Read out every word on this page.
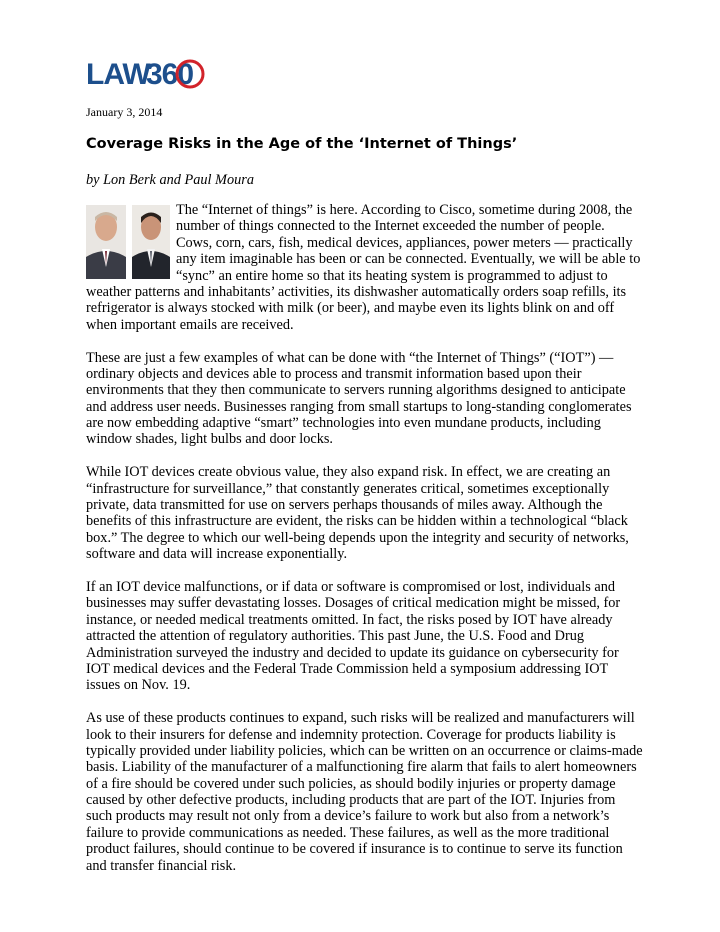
LAW
360
January 3, 2014
Coverage Risks in the Age of the ‘Internet of Things’
by Lon Berk and Paul Moura
The “Internet of things” is here. According to Cisco, sometime during 2008, the
number of things connected to the Internet exceeded the number of people.
Cows, corn, cars, fish, medical devices, appliances, power meters — practically
any item imaginable has been or can be connected. Eventually, we will be able to
“sync” an entire home so that its heating system is programmed to adjust to
weather patterns and inhabitants’ activities, its dishwasher automatically orders soap refills, its
refrigerator is always stocked with milk (or beer), and maybe even its lights blink on and off
when important emails are received.
These are just a few examples of what can be done with “the Internet of Things” (“IOT”) —
ordinary objects and devices able to process and transmit information based upon their
environments that they then communicate to servers running algorithms designed to anticipate
and address user needs. Businesses ranging from small startups to long-standing conglomerates
are now embedding adaptive “smart” technologies into even mundane products, including
window shades, light bulbs and door locks.
While IOT devices create obvious value, they also expand risk. In effect, we are creating an
“infrastructure for surveillance,” that constantly generates critical, sometimes exceptionally
private, data transmitted for use on servers perhaps thousands of miles away. Although the
benefits of this infrastructure are evident, the risks can be hidden within a technological “black
box.” The degree to which our well-being depends upon the integrity and security of networks,
software and data will increase exponentially.
If an IOT device malfunctions, or if data or software is compromised or lost, individuals and
businesses may suffer devastating losses. Dosages of critical medication might be missed, for
instance, or needed medical treatments omitted. In fact, the risks posed by IOT have already
attracted the attention of regulatory authorities. This past June, the U.S. Food and Drug
Administration surveyed the industry and decided to update its guidance on cybersecurity for
IOT medical devices and the Federal Trade Commission held a symposium addressing IOT
issues on Nov. 19.
As use of these products continues to expand, such risks will be realized and manufacturers will
look to their insurers for defense and indemnity protection. Coverage for products liability is
typically provided under liability policies, which can be written on an occurrence or claims-made
basis. Liability of the manufacturer of a malfunctioning fire alarm that fails to alert homeowners
of a fire should be covered under such policies, as should bodily injuries or property damage
caused by other defective products, including products that are part of the IOT. Injuries from
such products may result not only from a device’s failure to work but also from a network’s
failure to provide communications as needed. These failures, as well as the more traditional
product failures, should continue to be covered if insurance is to continue to serve its function
and transfer financial risk.
